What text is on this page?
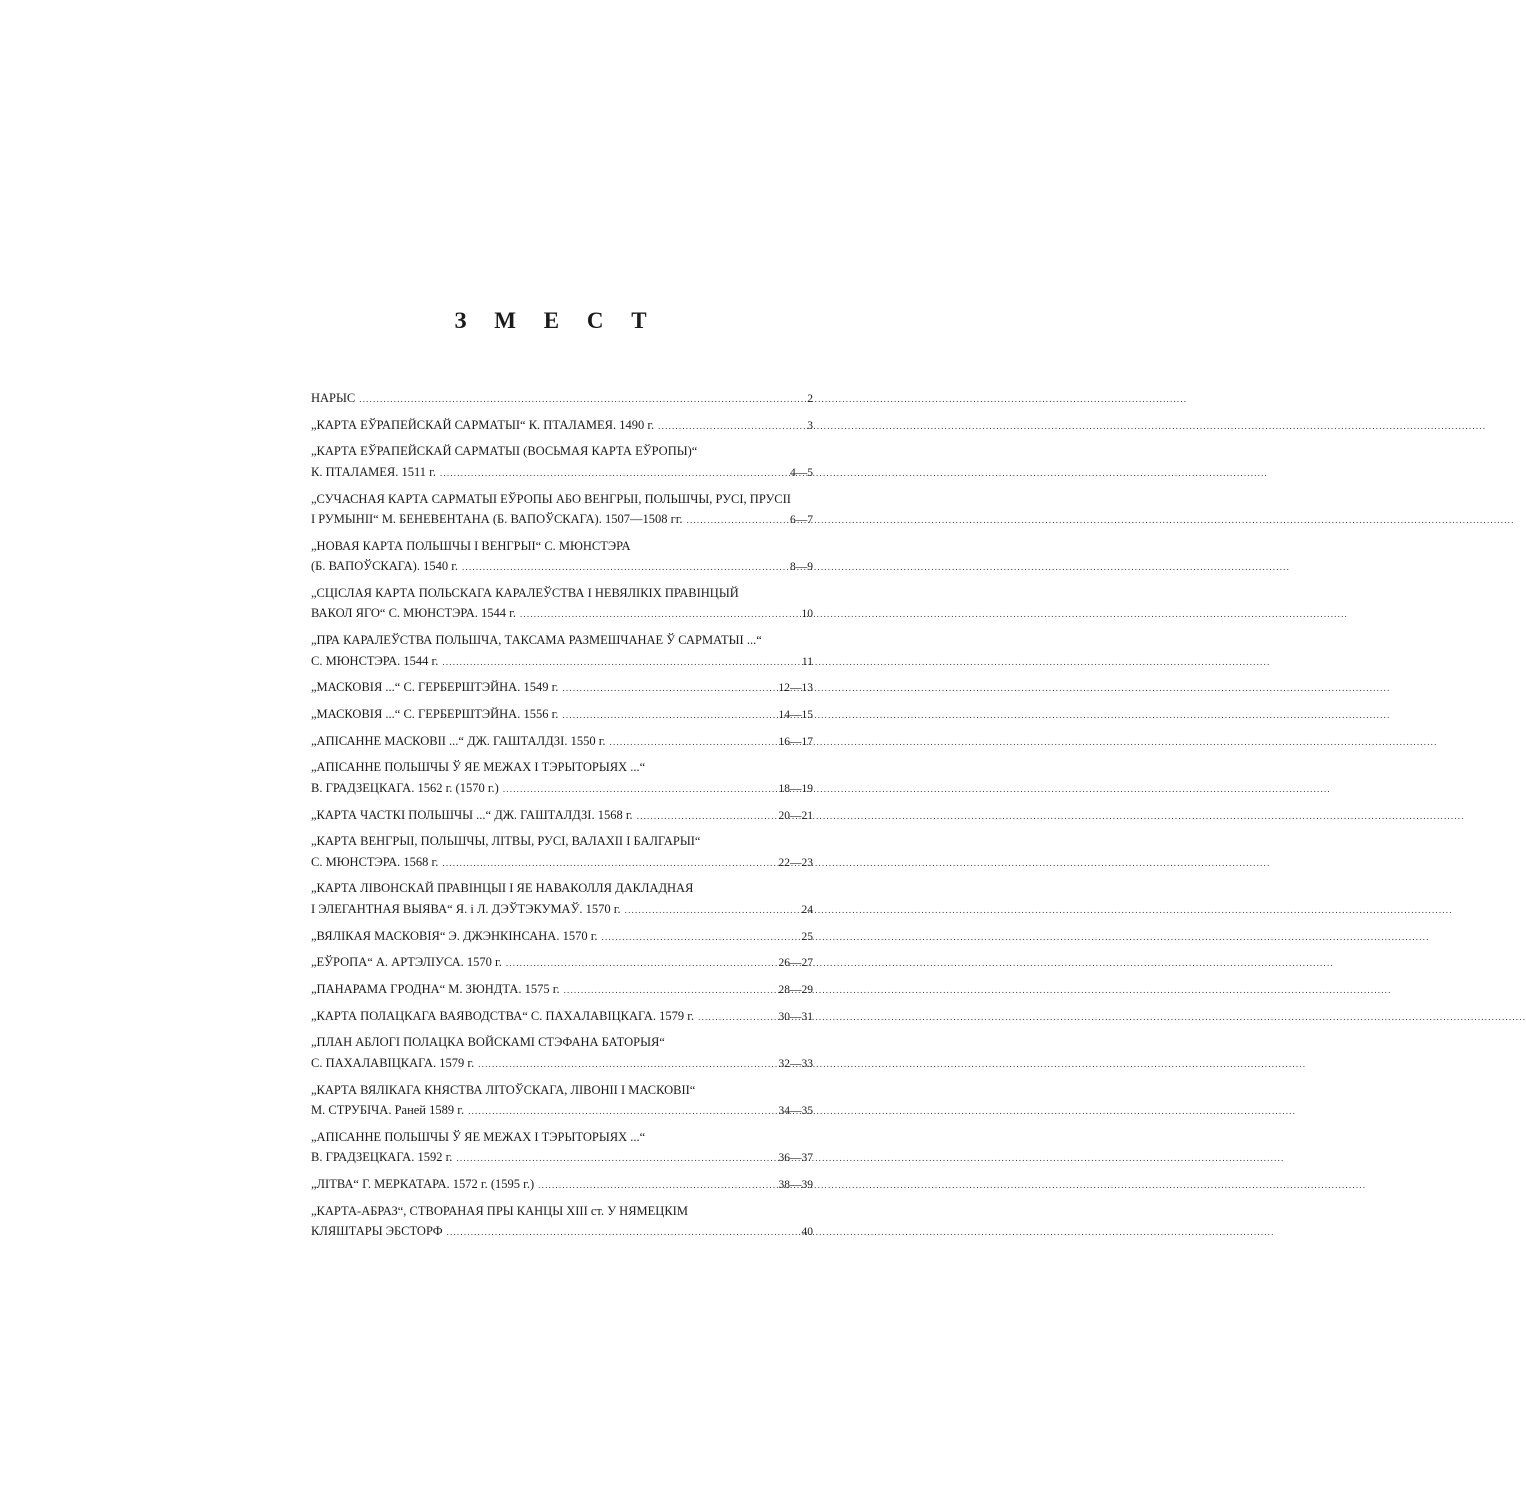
З М Е С Т
НАРЫС .....	2
„КАРТА ЕЎРАПЕЙСКАЙ САРМАТЫІ“ К. ПТАЛАМЕЯ. 1490 г. .....	3
„КАРТА ЕЎРАПЕЙСКАЙ САРМАТЫІ (ВОСЬМАЯ КАРТА ЕЎРОПЫ)“
К. ПТАЛАМЕЯ. 1511 г. .....	4—5
„СУЧАСНАЯ КАРТА САРМАТЫІ ЕЎРОПЫ АБО ВЕНГРЫІ, ПОЛЬШЧЫ, РУСІ, ПРУСІІ
І РУМЫНІІ“ М. БЕНЕВЕНТАНА (Б. ВАПОЎСКАГА). 1507—1508 гг. .....	6—7
„НОВАЯ КАРТА ПОЛЬШЧЫ І ВЕНГРЫІ“ С. МЮНСТЭРА
(Б. ВАПОЎСКАГА). 1540 г. .....	8—9
„СЦІСЛАЯ КАРТА ПОЛЬСКАГА КАРАЛЕЎСТВА І НЕВЯЛІКІХ ПРАВІНЦЫЙ
ВАКОЛ ЯГО“ С. МЮНСТЭРА. 1544 г. .....	10
„ПРА КАРАЛЕЎСТВА ПОЛЬШЧА, ТАКСАМА РАЗМЕШЧАНАЕ Ў САРМАТЫІ ...“
С. МЮНСТЭРА. 1544 г. .....	11
„МАСКОВІЯ ...“ С. ГЕРБЕРШТЭЙНА. 1549 г. .....	12—13
„МАСКОВІЯ ...“ С. ГЕРБЕРШТЭЙНА. 1556 г. .....	14—15
„АПІСАННЕ МАСКОВІІ ...“ ДЖ. ГАШТАЛДЗІ. 1550 г. .....	16—17
„АПІСАННЕ ПОЛЬШЧЫ Ў ЯЕ МЕЖАХ І ТЭРЫТОРЫЯХ ...“
В. ГРАДЗЕЦКАГА. 1562 г. (1570 г.) .....	18—19
„КАРТА ЧАСТКІ ПОЛЬШЧЫ ...“ ДЖ. ГАШТАЛДЗІ. 1568 г. .....	20—21
„КАРТА ВЕНГРЫІ, ПОЛЬШЧЫ, ЛІТВЫ, РУСІ, ВАЛАХІІ І БАЛГАРЫІ“
С. МЮНСТЭРА. 1568 г. .....	22—23
„КАРТА ЛІВОНСКАЙ ПРАВІНЦЫІ І ЯЕ НАВАКОЛЛЯ ДАКЛАДНАЯ
І ЭЛЕГАНТНАЯ ВЫЯВА“ Я. і Л. ДЭЎТЭКУМАЎ. 1570 г. .....	24
„ВЯЛІКАЯ МАСКОВІЯ“ Э. ДЖЭНКІНСАНА. 1570 г. .....	25
„ЕЎРОПА“ А. АРТЭЛІУСА. 1570 г. .....	26—27
„ПАНАРАМА ГРОДНА“ М. ЗЮНДТА. 1575 г. .....	28—29
„КАРТА ПОЛАЦКАГА ВАЯВОДСТВА“ С. ПАХАЛАВІЦКАГА. 1579 г. .....	30—31
„ПЛАН АБЛОГІ ПОЛАЦКА ВОЙСКАМІ СТЭФАНА БАТОРЫЯ“
С. ПАХАЛАВІЦКАГА. 1579 г. .....	32—33
„КАРТА ВЯЛІКАГА КНЯСТВА ЛІТОЎСКАГА, ЛІВОНІІ І МАСКОВІІ“
М. СТРУБІЧА. Раней 1589 г. .....	34—35
„АПІСАННЕ ПОЛЬШЧЫ Ў ЯЕ МЕЖАХ І ТЭРЫТОРЫЯХ ...“
В. ГРАДЗЕЦКАГА. 1592 г. .....	36—37
„ЛІТВА“ Г. МЕРКАТАРА. 1572 г. (1595 г.) .....	38—39
„КАРТА-АБРАЗ“, СТВОРАНАЯ ПРЫ КАНЦЫ XIII ст. У НЯМЕЦКІМ
КЛЯШТАРЫ ЭБСТОРФ .....	40
